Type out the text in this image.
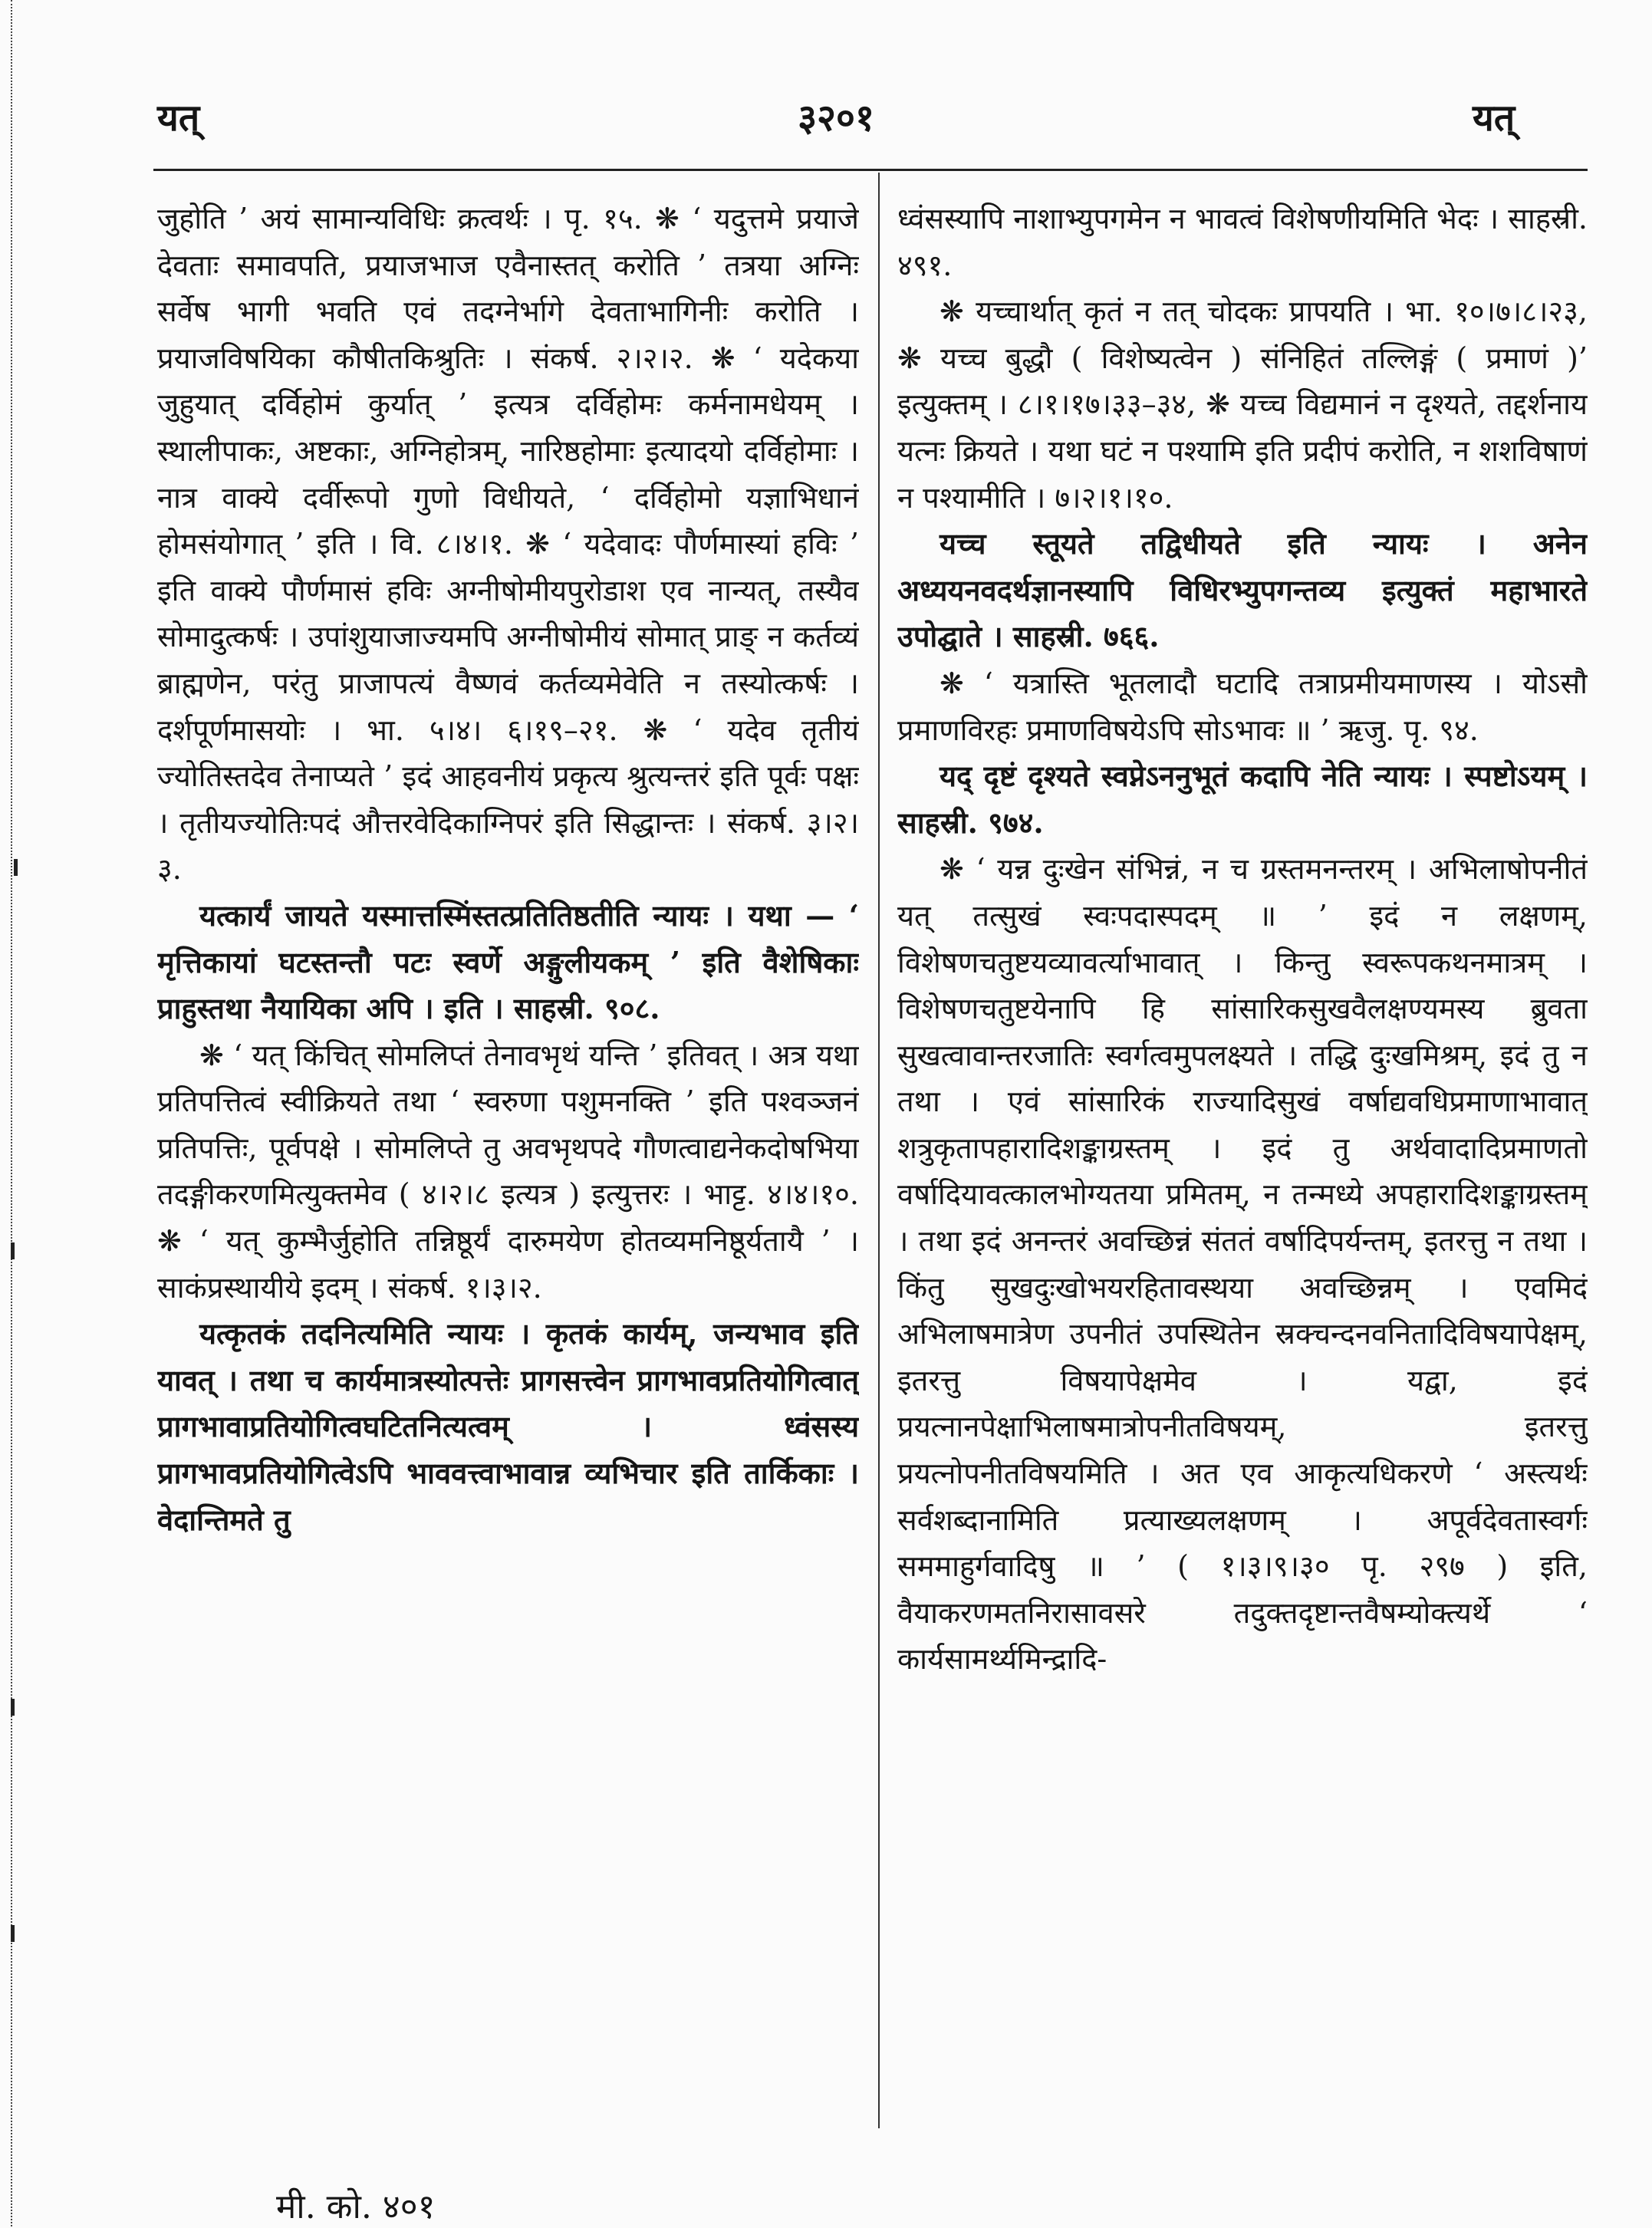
यत्	३२०१	यत्

जुहोति ’ अयं सामान्यविधिः क्रत्वर्थः । पृ. १५. ❋ ‘ यदुत्तमे प्रयाजे देवताः समावपति, प्रयाजभाज एवैनास्तत् करोति ’ तत्रया अग्निः सर्वेष भागी भवति एवं तदग्नेर्भागे देवताभागिनीः करोति । प्रयाजविषयिका कौषीतकिश्रुतिः । संकर्ष. २।२।२. ❋ ‘ यदेकया जुहुयात् दर्विहोमं कुर्यात् ’ इत्यत्र दर्विहोमः कर्मनामधेयम् । स्थालीपाकः, अष्टकाः, अग्निहोत्रम्, नारिष्ठहोमाः इत्यादयो दर्विहोमाः । नात्र वाक्ये दर्वीरूपो गुणो विधीयते, ‘ दर्विहोमो यज्ञाभिधानं होमसंयोगात् ’ इति । वि. ८।४।१. ❋ ‘ यदेवादः पौर्णमास्यां हविः ’ इति वाक्ये पौर्णमासं हविः अग्नीषोमीयपुरोडाश एव नान्यत्, तस्यैव सोमादुत्कर्षः । उपांशुयाजाज्यमपि अग्नीषोमीयं सोमात् प्राङ् न कर्तव्यं ब्राह्मणेन, परंतु प्राजापत्यं वैष्णवं कर्तव्यमेवेति न तस्योत्कर्षः । दर्शपूर्णमासयोः । भा. ५।४। ६।१९–२१. ❋ ‘ यदेव तृतीयं ज्योतिस्तदेव तेनाप्यते ’ इदं आहवनीयं प्रकृत्य श्रुत्यन्तरं इति पूर्वः पक्षः । तृतीयज्योतिःपदं औत्तरवेदिकाग्निपरं इति सिद्धान्तः । संकर्ष. ३।२।३.

यत्कार्यं जायते यस्मात्तस्मिंस्तत्प्रतितिष्ठतीति न्यायः । यथा — ‘ मृत्तिकायां घटस्तन्तौ पटः स्वर्णे अङ्गुलीयकम् ’ इति वैशेषिकाः प्राहुस्तथा नैयायिका अपि । इति । साहस्री. ९०८.

❋ ‘ यत् किंचित् सोमलिप्तं तेनावभृथं यन्ति ’ इतिवत् । अत्र यथा प्रतिपत्तित्वं स्वीक्रियते तथा ‘ स्वरुणा पशुमनक्ति ’ इति पश्वञ्जनं प्रतिपत्तिः, पूर्वपक्षे । सोमलिप्ते तु अवभृथपदे गौणत्वाद्यनेकदोषभिया तदङ्गीकरणमित्युक्तमेव ( ४।२।८ इत्यत्र ) इत्युत्तरः । भाट्ट. ४।४।१०. ❋ ‘ यत् कुम्भैर्जुहोति तन्निष्ठूर्यं दारुमयेण होतव्यमनिष्ठूर्यतायै ’ । साकंप्रस्थायीये इदम् । संकर्ष. १।३।२.

यत्कृतकं तदनित्यमिति न्यायः । कृतकं कार्यम्, जन्यभाव इति यावत् । तथा च कार्यमात्रस्योत्पत्तेः प्रागसत्त्वेन प्रागभावप्रतियोगित्वात् प्रागभावाप्रतियोगित्वघटितनित्यत्वम् । ध्वंसस्य प्रागभावप्रतियोगित्वेऽपि भाववत्त्वाभावान्न व्यभिचार इति तार्किकाः । वेदान्तिमते तु

ध्वंसस्यापि नाशाभ्युपगमेन न भावत्वं विशेषणीयमिति भेदः । साहस्री. ४९१.

❋ यच्चार्थात् कृतं न तत् चोदकः प्रापयति । भा. १०।७।८।२३, ❋ यच्च बुद्धौ ( विशेष्यत्वेन ) संनिहितं तल्लिङ्गं ( प्रमाणं )’ इत्युक्तम् । ८।१।१७।३३–३४, ❋ यच्च विद्यमानं न दृश्यते, तद्दर्शनाय यत्नः क्रियते । यथा घटं न पश्यामि इति प्रदीपं करोति, न शशविषाणं न पश्यामीति । ७।२।१।१०.

यच्च स्तूयते तद्विधीयते इति न्यायः । अनेन अध्ययनवदर्थज्ञानस्यापि विधिरभ्युपगन्तव्य इत्युक्तं महाभारते उपोद्घाते । साहस्री. ७६६.

❋ ‘ यत्रास्ति भूतलादौ घटादि तत्राप्रमीयमाणस्य । योऽसौ प्रमाणविरहः प्रमाणविषयेऽपि सोऽभावः ॥ ’ ऋजु. पृ. ९४.

यद् दृष्टं दृश्यते स्वप्नेऽननुभूतं कदापि नेति न्यायः । स्पष्टोऽयम् । साहस्री. ९७४.

❋ ‘ यन्न दुःखेन संभिन्नं, न च ग्रस्तमनन्तरम् । अभिलाषोपनीतं यत् तत्सुखं स्वःपदास्पदम् ॥ ’ इदं न लक्षणम्, विशेषणचतुष्टयव्यावर्त्याभावात् । किन्तु स्वरूपकथनमात्रम् । विशेषणचतुष्टयेनापि हि सांसारिकसुखवैलक्षण्यमस्य ब्रुवता सुखत्वावान्तरजातिः स्वर्गत्वमुपलक्ष्यते । तद्धि दुःखमिश्रम्, इदं तु न तथा । एवं सांसारिकं राज्यादिसुखं वर्षाद्यवधिप्रमाणाभावात् शत्रुकृतापहारादिशङ्काग्रस्तम् । इदं तु अर्थवादादिप्रमाणतो वर्षादियावत्कालभोग्यतया प्रमितम्, न तन्मध्ये अपहारादिशङ्काग्रस्तम् । तथा इदं अनन्तरं अवच्छिन्नं संततं वर्षादिपर्यन्तम्, इतरत्तु न तथा । किंतु सुखदुःखोभयरहितावस्थया अवच्छिन्नम् । एवमिदं अभिलाषमात्रेण उपनीतं उपस्थितेन स्रक्चन्दनवनितादिविषयापेक्षम्, इतरत्तु विषयापेक्षमेव । यद्वा, इदं प्रयत्नानपेक्षाभिलाषमात्रोपनीतविषयम्, इतरत्तु प्रयत्नोपनीतविषयमिति । अत एव आकृत्यधिकरणे ‘ अस्त्यर्थः सर्वशब्दानामिति प्रत्याख्यलक्षणम् । अपूर्वदेवतास्वर्गः सममाहुर्गवादिषु ॥ ’ ( १।३।९।३० पृ. २९७ ) इति, वैयाकरणमतनिरासावसरे तदुक्तदृष्टान्तवैषम्योक्त्यर्थे ‘ कार्यसामर्थ्यमिन्द्रादि-

मी. को. ४०१
